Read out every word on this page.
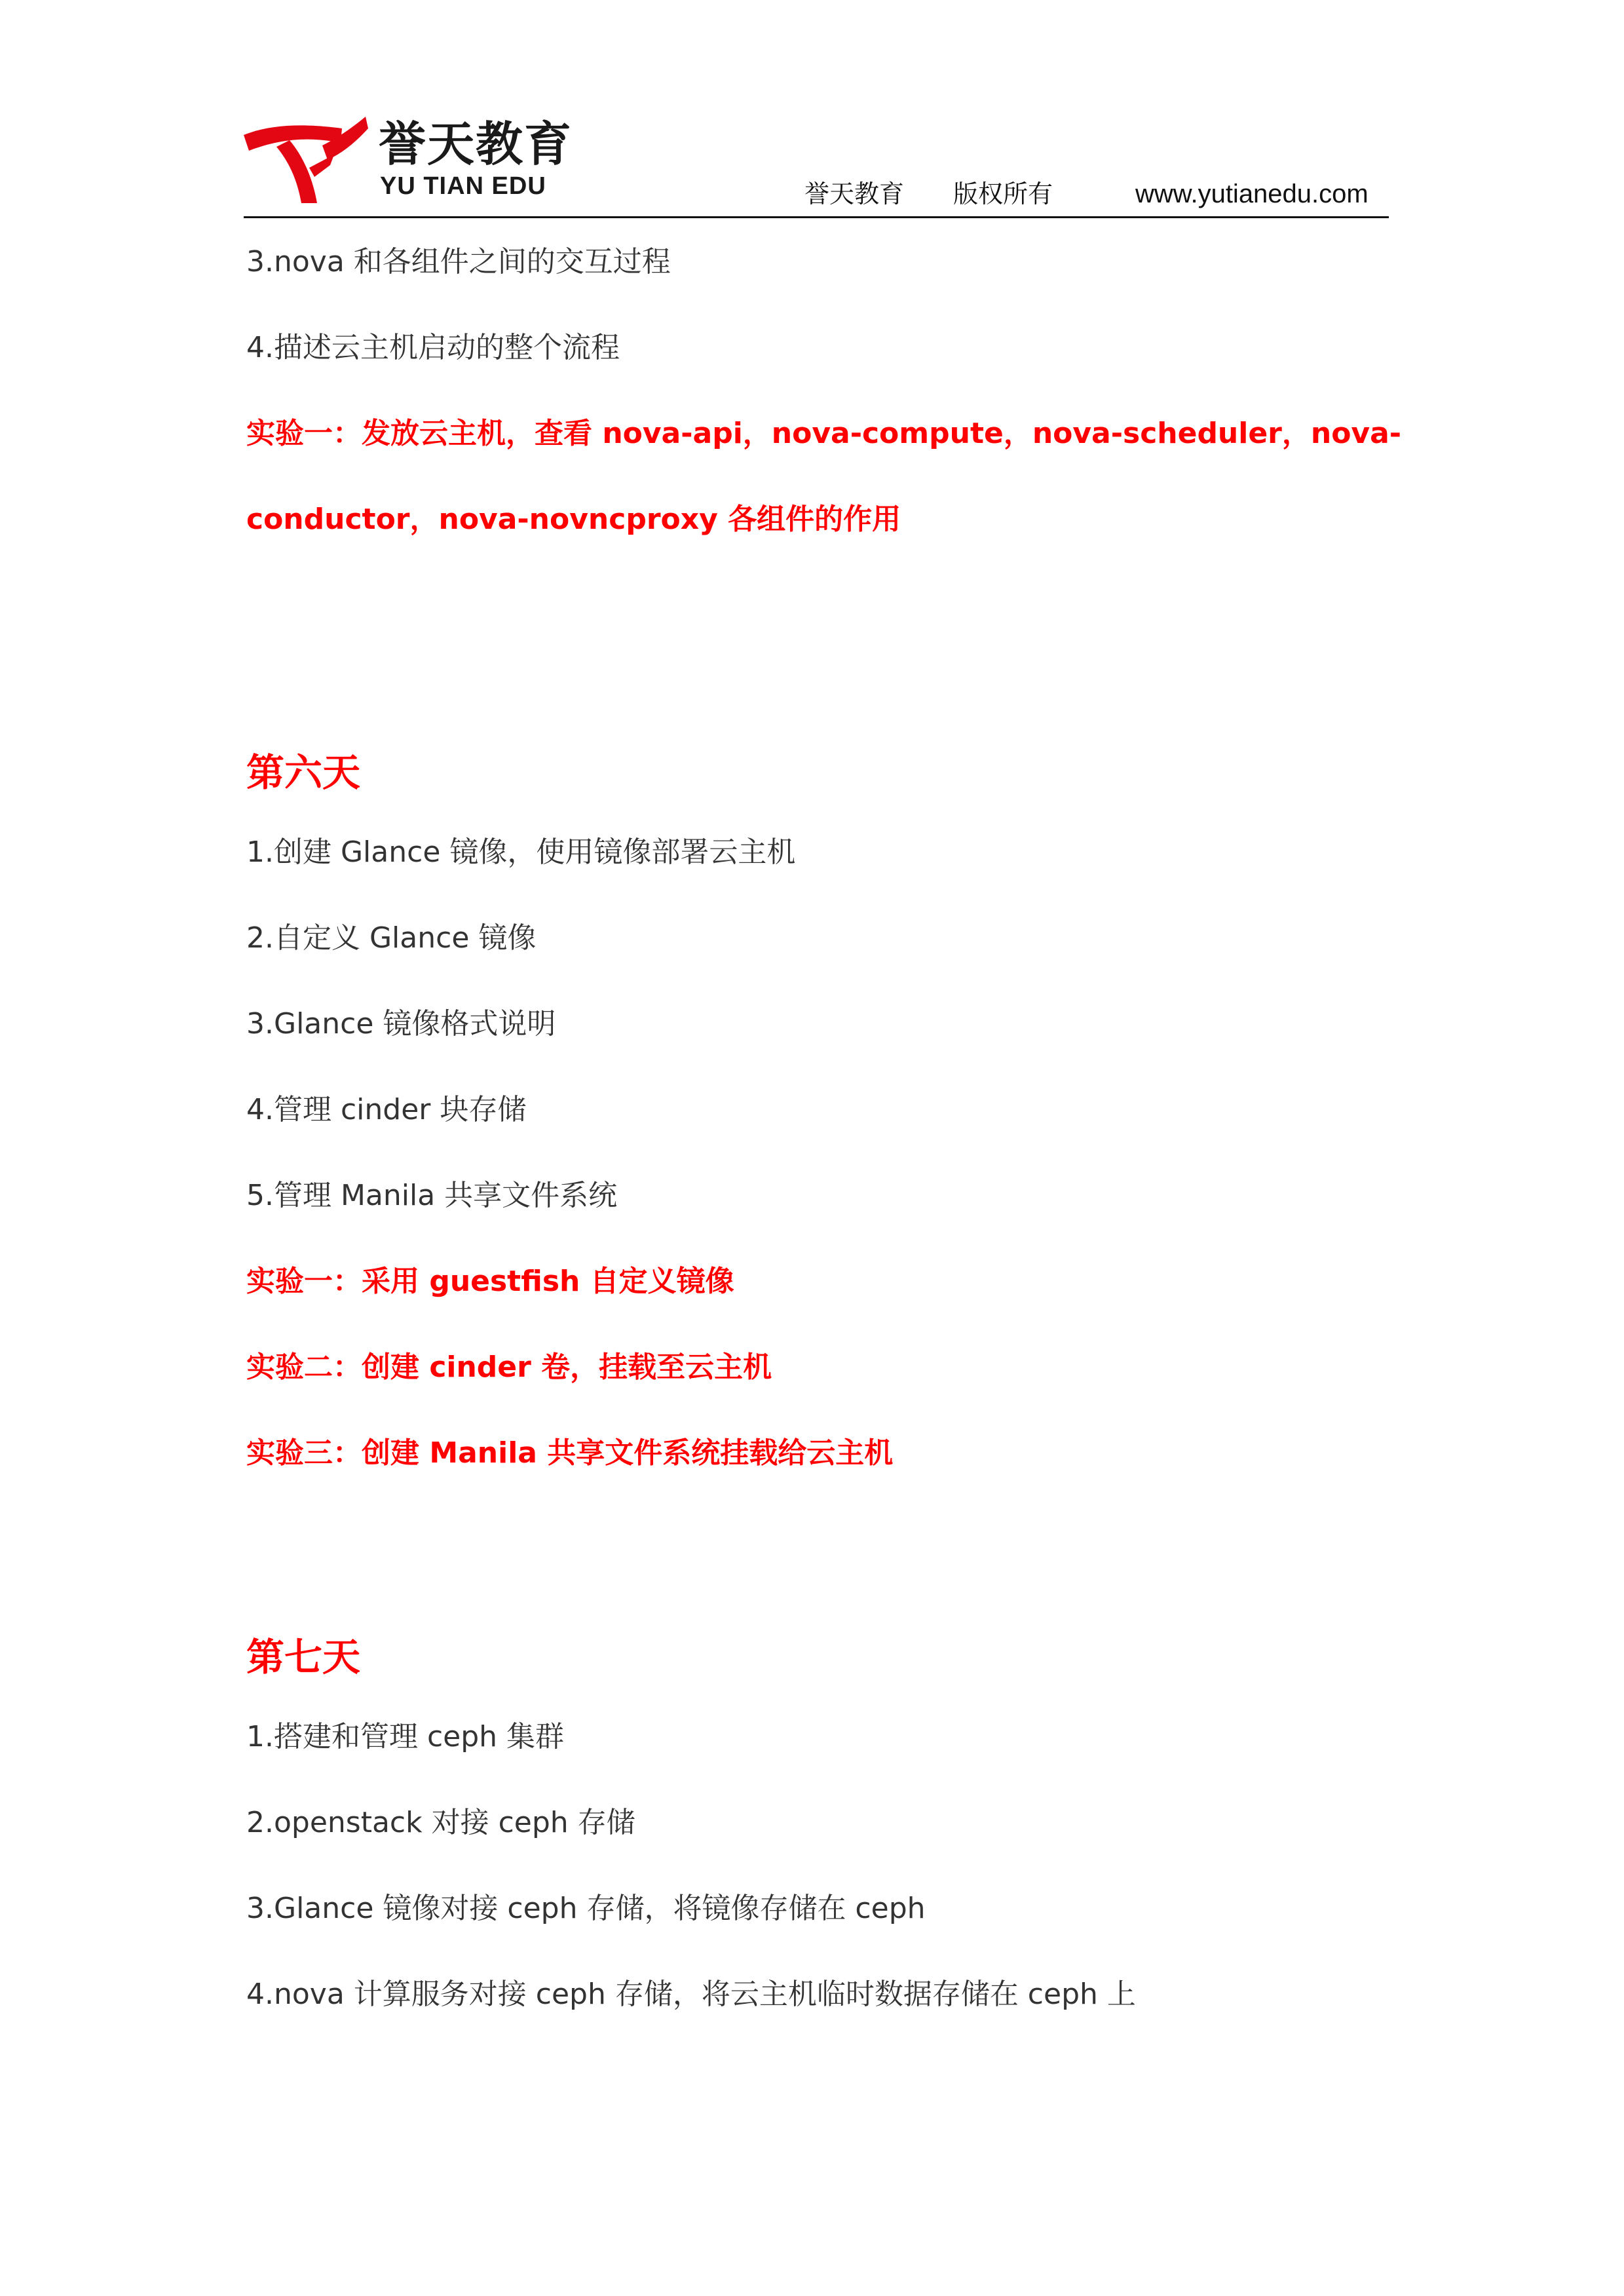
誉天教育
YU TIAN EDU	誉天教育 版权所有	www.yutianedu.com
3.nova 和各组件之间的交互过程
4.描述云主机启动的整个流程
实验一：发放云主机，查看 nova-api，nova-compute，nova-scheduler，nova-
conductor，nova-novncproxy 各组件的作用
第六天
1.创建 Glance 镜像，使用镜像部署云主机
2.自定义 Glance 镜像
3.Glance 镜像格式说明
4.管理 cinder 块存储
5.管理 Manila 共享文件系统
实验一：采用 guestfish 自定义镜像
实验二：创建 cinder 卷，挂载至云主机
实验三：创建 Manila 共享文件系统挂载给云主机
第七天
1.搭建和管理 ceph 集群
2.openstack 对接 ceph 存储
3.Glance 镜像对接 ceph 存储，将镜像存储在 ceph
4.nova 计算服务对接 ceph 存储，将云主机临时数据存储在 ceph 上
